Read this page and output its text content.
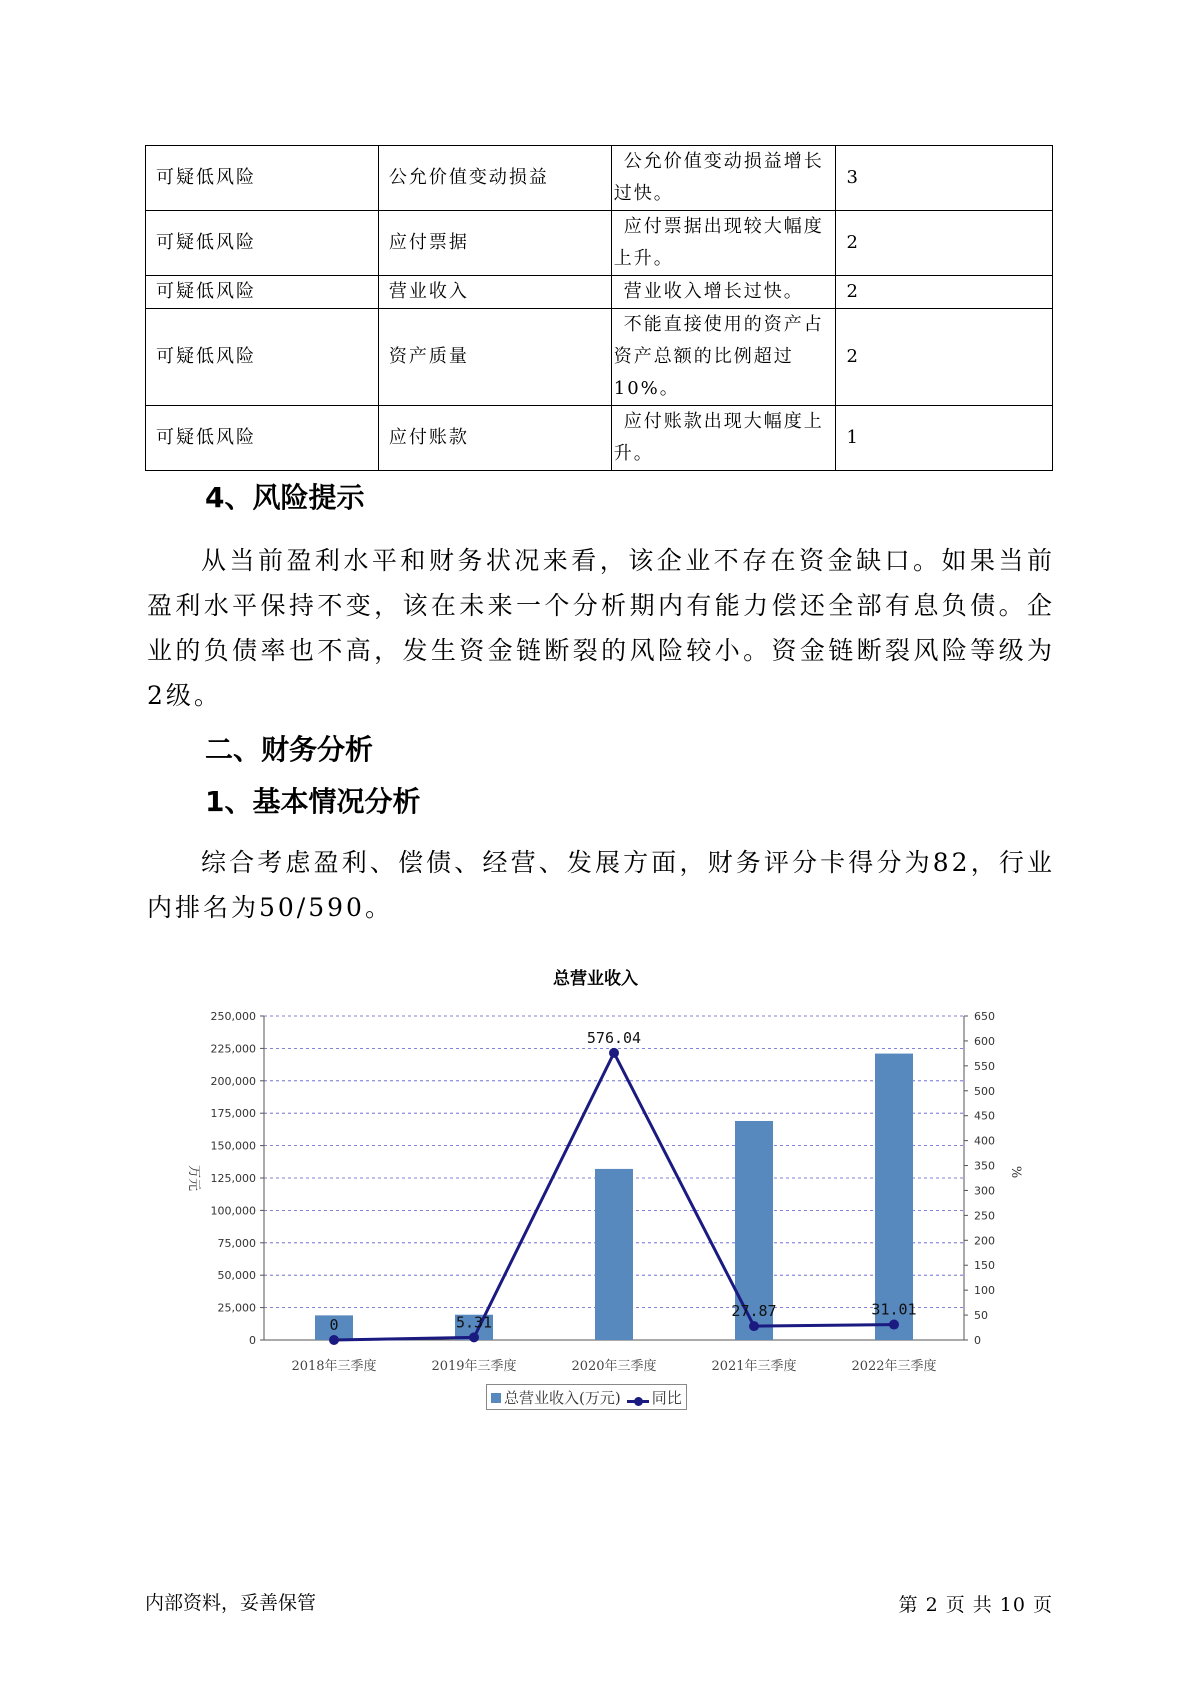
可疑低风险	公允价值变动损益	公允价值变动损益增长过快。	3
可疑低风险	应付票据	应付票据出现较大幅度上升。	2
可疑低风险	营业收入	营业收入增长过快。	2
可疑低风险	资产质量	不能直接使用的资产占资产总额的比例超过10%。	2
可疑低风险	应付账款	应付账款出现大幅度上升。	1
4、风险提示

从当前盈利水平和财务状况来看，该企业不存在资金缺口。如果当前盈利水平保持不变，该在未来一个分析期内有能力偿还全部有息负债。企业的负债率也不高，发生资金链断裂的风险较小。资金链断裂风险等级为2级。

二、财务分析
1、基本情况分析

综合考虑盈利、偿债、经营、发展方面，财务评分卡得分为82，行业内排名为50/590。

总营业收入
0
25,000
50,000
75,000
100,000
125,000
150,000
175,000
200,000
225,000
250,000
0
50
100
150
200
250
300
350
400
450
500
550
600
650
万元	%
2018年三季度	2019年三季度	2020年三季度	2021年三季度	2022年三季度
0	5.31
576.04
27.87	31.01
总营业收入(万元)	同比
内部资料，妥善保管	第 2 页 共 10 页
